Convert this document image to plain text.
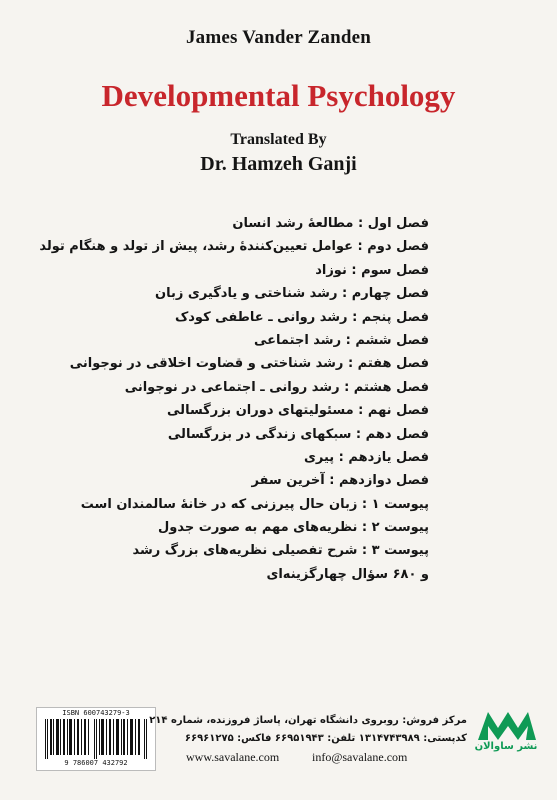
James Vander Zanden
Developmental Psychology
Translated By
Dr. Hamzeh Ganji
فصل اول : مطالعهٔ رشد انسان
فصل دوم : عوامل تعیین‌کنندهٔ رشد، پیش از تولد و هنگام تولد
فصل سوم : نوزاد
فصل چهارم : رشد شناختی و یادگیری زبان
فصل پنجم : رشد روانی ـ عاطفی کودک
فصل ششم : رشد اجتماعی
فصل هفتم : رشد شناختی و قضاوت اخلاقی در نوجوانی
فصل هشتم : رشد روانی ـ اجتماعی در نوجوانی
فصل نهم : مسئولیتهای دوران بزرگسالی
فصل دهم : سبکهای زندگی در بزرگسالی
فصل یازدهم : پیری
فصل دوازدهم : آخرین سفر
پیوست ۱ : زبان حال پیرزنی که در خانهٔ سالمندان است
پیوست ۲ : نظریه‌های مهم به صورت جدول
پیوست ۳ : شرح تفصیلی نظریه‌های بزرگ رشد
و ۶۸۰ سؤال چهارگزینه‌ای
ISBN 600743279-3
9 786007 432792
مرکز فروش: روبروی دانشگاه تهران، پاساژ فروزنده، شماره ۲۱۴
کدپستی: ۱۳۱۴۷۴۳۹۸۹ تلفن: ۶۶۹۵۱۹۴۳ فاکس: ۶۶۹۶۱۲۷۵
www.savalane.com	info@savalane.com
نشر ساوالان
